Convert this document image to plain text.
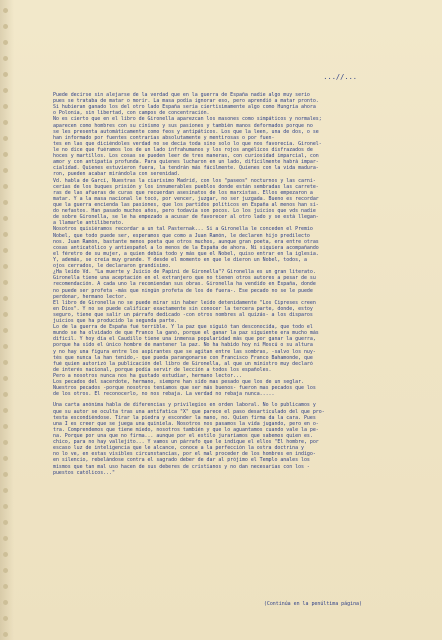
...//...
Puede decirse sin alejarse de la verdad que en la guerra de España nadie algo muy serio
pues se trataba de matar o morir. La masa podía ignorar eso, pero aprendió a matar pronto.
Si hubieran ganado los del otro lado España sería ciertisimamente algo como Hungría ahora
o Polonia, sin libertad, con campos de concentración.
No es cierto que en el libro de Gironella aparezcan los masones como simpáticos y normales;
aparecen como hombres con su cinismo y sus pasiones y también manos deformados porque no
se les presenta automáticamente como feos y antipáticos. Los que la leen, una de dos, o se
han informado por fuentes contrarias absolutamente y mentirosas o por fuen-
tes en las que diciéndoles verdad no se decía toda sino solo lo que nos favorecía. Gironel-
le no dice que fuéramos los de un lado infrahumanos y los rojos angélicos disfrazados de
hoces y martillos. Los cosas se pueden leer de tres maneras, con curiosidad imparcial, con
amor y con antipatía profunda. Para quienes lucharon en un lado, difícilmente habrá impar-
cialidad. Quienes estuvieron fuera, la tendrán más fácilmente. Quienes con la vida madura-
ron, pueden acabar mirándola con serenidad.
Vd. habla de Garcí, Nuestras la ciarísimo Madrid, con los "paseos" nocturnos y las carni-
cerías de los buques prisión y los innumerables pueblos donde están sembradas las carrete-
ras de las afueras de curas que recuerdan asesinatos de los marxistas. Ellos empezaron a
matar. Y a la masa nacional le tocó, por vencer, juzgar, no ser juzgada. Bueno es recordar
que la guerra encienda las pasiones, que los partidos políticos en España al menos han si-
do nefastos. Han pasado muchos años, pero todavía son pocos. Lo los juicios que vds nadie
de sobre Gironella, se le ha empezado a acusar de favorecer al otro lado y se está llegan-
a llamarle antiliberato.
Nosotros quisiéramos recordar a un tal Pasternak... Si a Gironella le conceden el Premio
Nobel, que todo puede ser, esperamos que como a Juan Ramón, le declaren hijo predilecto
nos. Juan Ramón, bastante menos poeta que otros muchos, aunque gran poeta, era entre otras
cosas anticatólico y antiespañol a lo menos de la España de ahora. Ni siquiera acompañando
el féretro de su mujer, a quien debía todo y más que el Nobel, quiso entrar en la iglesia.
Y, además, se creía muy grande. Y desde el momento en que le dieron un Nobel, todos, a
ojos cerrados, le declararon grandísimo.
¿Ha leído Vd. "La muerte y Juicio de Papini de Gironella"? Gironella es un gran literato.
Gironella tiene una aceptación en el extranjero que no tienen otros autores a pesar de su
recomendación. A cada uno la recomiendan sus obras. Gironella ha vendido en España, donde
no puede ser profeta -más que ningún profeta de los de fuera-. Ese pecado no se le puede
perdonar, hermano lector.
El libro de Gironella no se puede mirar sin haber leído detenidamente "Los Cipreses creen
en Dios". Y no se puede calificar exactamente sin conocer la tercera parte, donde, estoy
seguro, tiene que salir un párrafo dedicado -con otros nombres al quizás- a los disparos
juicios que ha producido la segunda parte.
Lo de la guerra de España fué terrible. Y la paz que siguió tan desconocida, que todo el
mundo se ha olvidado de que Franco la ganó, porque el ganar la paz siguiente era mucho más
difícil. Y hoy día el Caudillo tiene una inmensa popularidad más que por ganar la guerra,
porque ha sido el único hombre de mantener la paz. No ha habido hoy ni Moscú o su altura
y no hay una figura entre los aspirantes que se agitan entre las sombras, -salvo los nuy-
tés que nunca la han tenido,- que pueda parangonarse con Francisco Franco Bahamonde, que
fué quien autorizó la publicación del libro de Gironella, al que un ministro muy declaró
de interés nacional, porque podía servir de lección a todos los españoles.
Pero a nosotros nunca nos ha gustado estudiar, hermano lector...
Los pecados del sacerdote, hermano, siempre han sido mas pesado que los de un seglar.
Nuestros pecados -porque nosotros teníamos que ser más buenos- fueron mas pecados que los
de los otros. El reconocerlo, no nos rebaja. La verdad no rebaja nunca.....
Una carta anónima habla de diferencias y privilegios en orden laboral. No lo publicamos y
que su autor se oculta tras una antífatica "X" que parece el paso desarticulado del que pro-
testa escondiéndose. Tirar la piedra y esconder la mano, no. Quien firma da la cara. Pues
una I es creer que se juega una quiniela. Nosotros nos pasamos la vida jugando, pero en o-
tra. Comprendemos que tiene miedo, nosotros también y que lo aguantamos cuando vale la pe-
na. Porque por una que no firma... aunque por el estilo juraríamos que sabemos quien es.
chico, para no hay vallejito... Y vamos un párrafo que le indique el ellos "El hombre, por
escaso luz de inteligencia que le alcance, conoce a la perfección la ostra doctrina y
no lo ve, en estas visibles circunstancias, por el mal proceder de los hombres en indígo-
en silencio, rebelándose contra el sagrado deber de dar al prójimo el Templo anales los
mismos que tan mal uso hacen de sus deberes de cristianos y no dan necesarias con los -
puestos católicos..."
(Continúa en la penúltima página)
